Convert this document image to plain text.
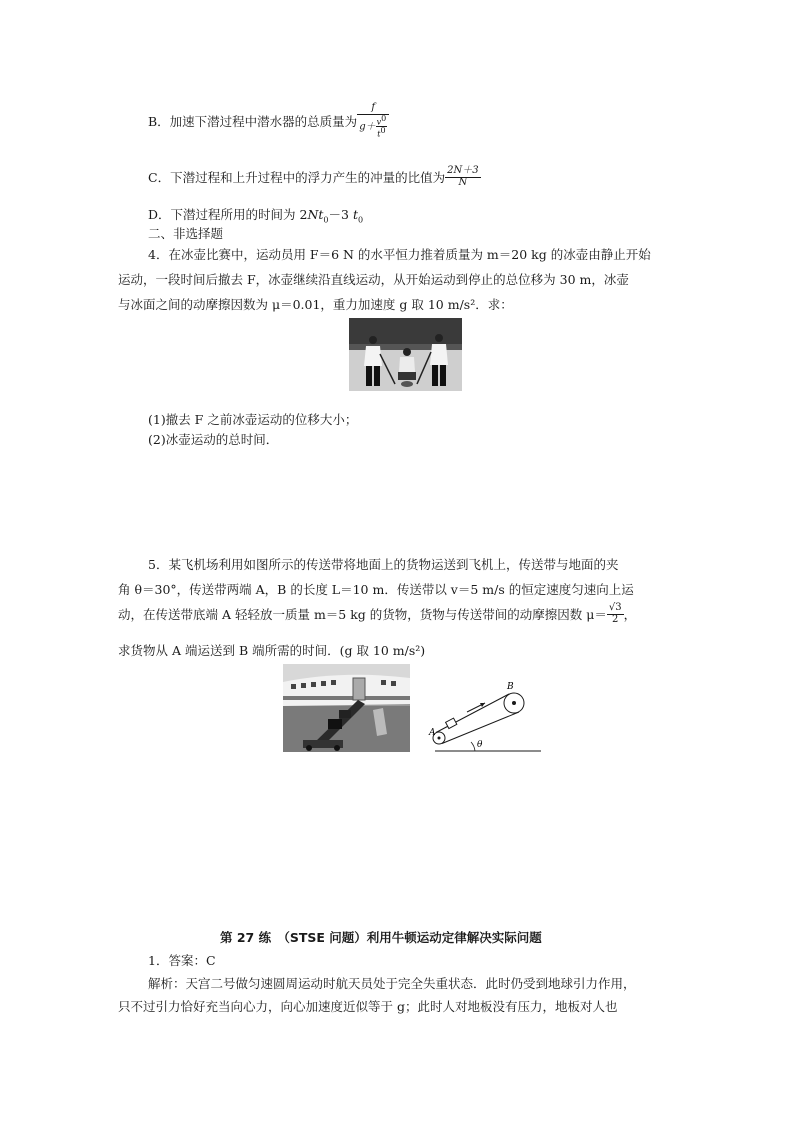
B．加速下潜过程中潜水器的总质量为 $\frac{f}{g+ \frac{v^0}{t^0}}$
C．下潜过程和上升过程中的浮力产生的冲量的比值为 $\frac{2N+3}{N}$
D．下潜过程所用的时间为 $2Nt_0-3$ $t_0$
二、非选择题
4．在冰壶比赛中，运动员用 F＝6 N 的水平恒力推着质量为 m＝20 kg 的冰壶由静止开始
运动，一段时间后撤去 F，冰壶继续沿直线运动，从开始运动到停止的总位移为 30 m，冰壶
与冰面之间的动摩擦因数为 μ＝0.01，重力加速度 g 取 10 m/s²．求：
(1)撤去 F 之前冰壶运动的位移大小；
(2)冰壶运动的总时间．
5．某飞机场利用如图所示的传送带将地面上的货物运送到飞机上，传送带与地面的夹
角 θ＝30°，传送带两端 A，B 的长度 L＝10 m．传送带以 v＝5 m/s 的恒定速度匀速向上运
动，在传送带底端 A 轻轻放一质量 m＝5 kg 的货物，货物与传送带间的动摩擦因数 $\mu= \frac{√3}{2}$ ，
求货物从 A 端运送到 B 端所需的时间．(g 取 10 m/s²)
A
B
θ
第 27 练　（STSE 问题）利用牛顿运动定律解决实际问题
1．答案：C
解析：天宫二号做匀速圆周运动时航天员处于完全失重状态．此时仍受到地球引力作用，
只不过引力恰好充当向心力，向心加速度近似等于 g；此时人对地板没有压力，地板对人也
